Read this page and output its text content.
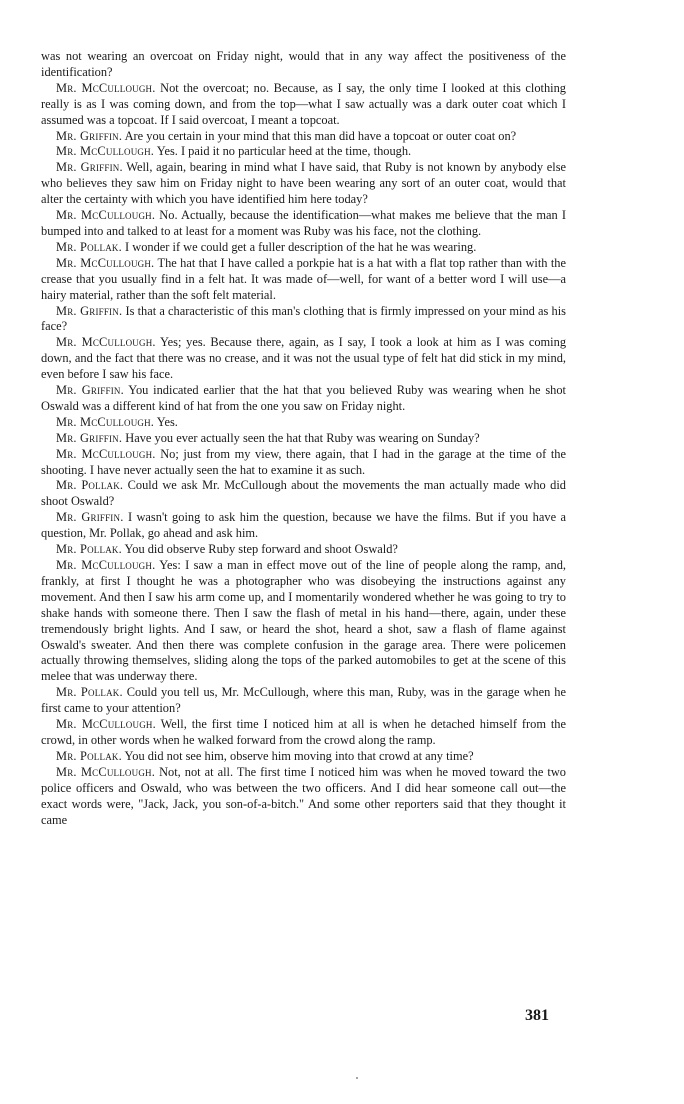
was not wearing an overcoat on Friday night, would that in any way affect the positiveness of the identification?

Mr. McCullough. Not the overcoat; no. Because, as I say, the only time I looked at this clothing really is as I was coming down, and from the top—what I saw actually was a dark outer coat which I assumed was a topcoat. If I said overcoat, I meant a topcoat.

Mr. Griffin. Are you certain in your mind that this man did have a topcoat or outer coat on?

Mr. McCullough. Yes. I paid it no particular heed at the time, though.

Mr. Griffin. Well, again, bearing in mind what I have said, that Ruby is not known by anybody else who believes they saw him on Friday night to have been wearing any sort of an outer coat, would that alter the certainty with which you have identified him here today?

Mr. McCullough. No. Actually, because the identification—what makes me believe that the man I bumped into and talked to at least for a moment was Ruby was his face, not the clothing.

Mr. Pollak. I wonder if we could get a fuller description of the hat he was wearing.

Mr. McCullough. The hat that I have called a porkpie hat is a hat with a flat top rather than with the crease that you usually find in a felt hat. It was made of—well, for want of a better word I will use—a hairy material, rather than the soft felt material.

Mr. Griffin. Is that a characteristic of this man's clothing that is firmly impressed on your mind as his face?

Mr. McCullough. Yes; yes. Because there, again, as I say, I took a look at him as I was coming down, and the fact that there was no crease, and it was not the usual type of felt hat did stick in my mind, even before I saw his face.

Mr. Griffin. You indicated earlier that the hat that you believed Ruby was wearing when he shot Oswald was a different kind of hat from the one you saw on Friday night.

Mr. McCullough. Yes.

Mr. Griffin. Have you ever actually seen the hat that Ruby was wearing on Sunday?

Mr. McCullough. No; just from my view, there again, that I had in the garage at the time of the shooting. I have never actually seen the hat to examine it as such.

Mr. Pollak. Could we ask Mr. McCullough about the movements the man actually made who did shoot Oswald?

Mr. Griffin. I wasn't going to ask him the question, because we have the films. But if you have a question, Mr. Pollak, go ahead and ask him.

Mr. Pollak. You did observe Ruby step forward and shoot Oswald?

Mr. McCullough. Yes: I saw a man in effect move out of the line of people along the ramp, and, frankly, at first I thought he was a photographer who was disobeying the instructions against any movement. And then I saw his arm come up, and I momentarily wondered whether he was going to try to shake hands with someone there. Then I saw the flash of metal in his hand—there, again, under these tremendously bright lights. And I saw, or heard the shot, heard a shot, saw a flash of flame against Oswald's sweater. And then there was complete confusion in the garage area. There were policemen actually throwing themselves, sliding along the tops of the parked automobiles to get at the scene of this melee that was underway there.

Mr. Pollak. Could you tell us, Mr. McCullough, where this man, Ruby, was in the garage when he first came to your attention?

Mr. McCullough. Well, the first time I noticed him at all is when he detached himself from the crowd, in other words when he walked forward from the crowd along the ramp.

Mr. Pollak. You did not see him, observe him moving into that crowd at any time?

Mr. McCullough. Not, not at all. The first time I noticed him was when he moved toward the two police officers and Oswald, who was between the two officers. And I did hear someone call out—the exact words were, "Jack, Jack, you son-of-a-bitch." And some other reporters said that they thought it came

381
